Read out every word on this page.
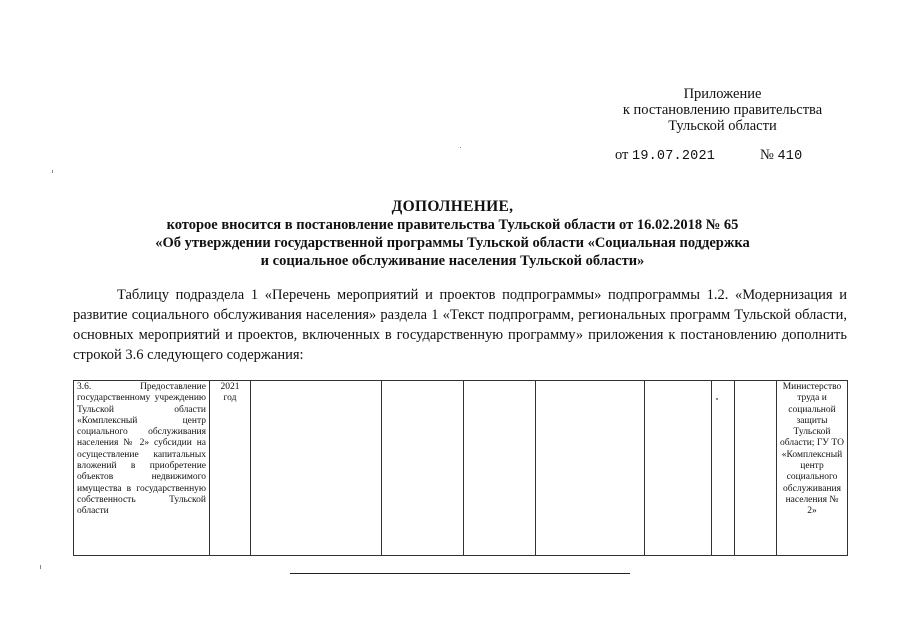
Приложение
к постановлению правительства
Тульской области
от 19.07.2021	№ 410
ДОПОЛНЕНИЕ,
которое вносится в постановление правительства Тульской области от 16.02.2018 № 65
«Об утверждении государственной программы Тульской области «Социальная поддержка
и социальное обслуживание населения Тульской области»
Таблицу подраздела 1 «Перечень мероприятий и проектов подпрограммы» подпрограммы 1.2. «Модернизация и развитие социального обслуживания населения» раздела 1 «Текст подпрограмм, региональных программ Тульской области, основных мероприятий и проектов, включенных в государственную программу» приложения к постановлению дополнить строкой 3.6 следующего содержания:
3.6. Предоставление государственному учреждению Тульской области «Комплексный центр социального обслуживания населения № 2» субсидии на осуществление капитальных вложений в приобретение объектов недвижимого имущества в государственную собственность Тульской области	2021 год								Министерство труда и социальной защиты Тульской области; ГУ ТО «Комплексный центр социального обслуживания населения № 2»
